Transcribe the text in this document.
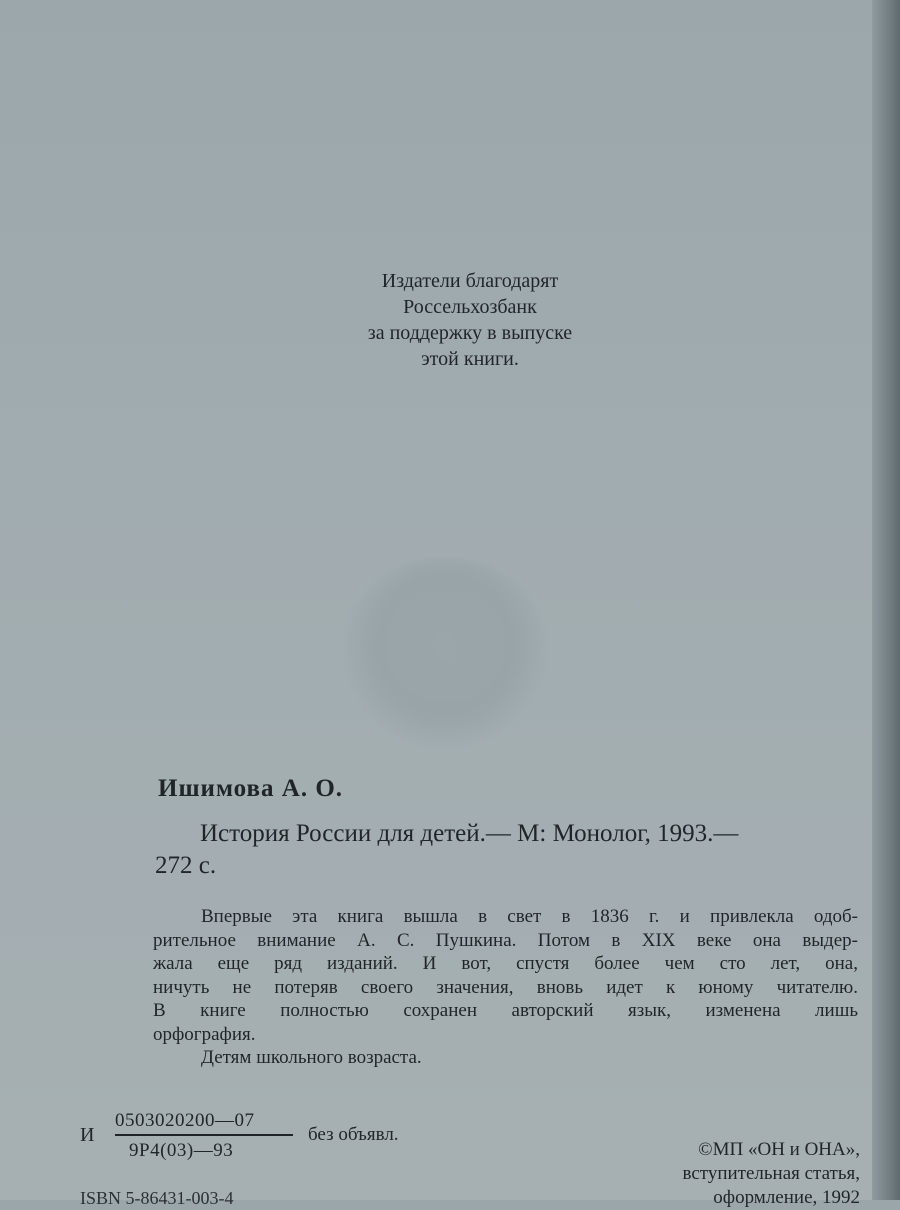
Издатели благодарят
Россельхозбанк
за поддержку в выпуске
этой книги.
Ишимова А. О.
История России для детей.— М: Монолог, 1993.—
272 с.
Впервые эта книга вышла в свет в 1836 г. и привлекла одоб-
рительное внимание А. С. Пушкина. Потом в XIX веке она выдер-
жала еще ряд изданий. И вот, спустя более чем сто лет, она,
ничуть не потеряв своего значения, вновь идет к юному читателю.
В книге полностью сохранен авторский язык, изменена лишь
орфография.
Детям школьного возраста.
И
0503020200—07
9Р4(03)—93
без объявл.
©МП «ОН и ОНА»,
вступительная статья,
оформление, 1992
ISBN 5-86431-003-4
